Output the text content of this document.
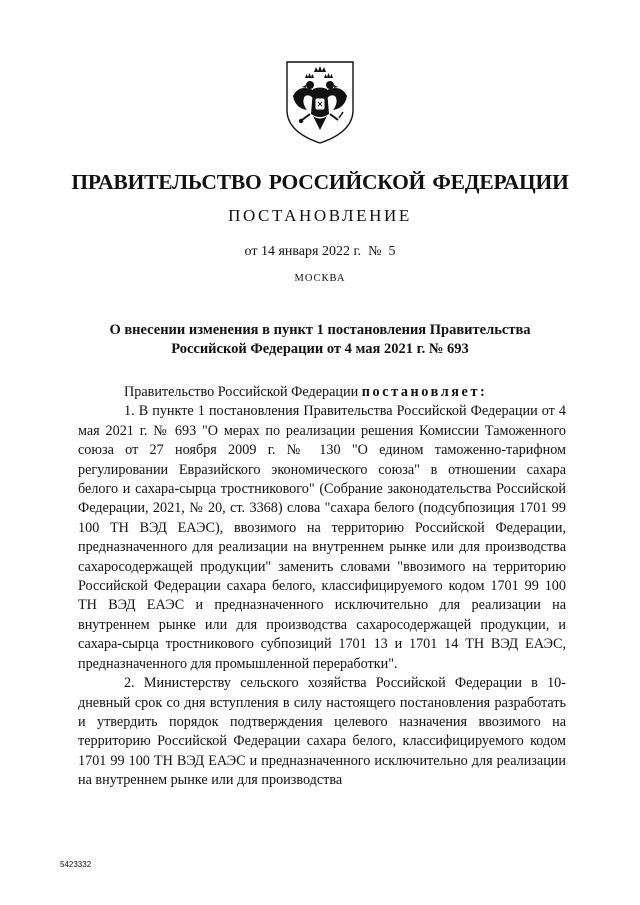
ПРАВИТЕЛЬСТВО РОССИЙСКОЙ ФЕДЕРАЦИИ
ПОСТАНОВЛЕНИЕ
от 14 января 2022 г.  №  5
МОСКВА
О внесении изменения в пункт 1 постановления Правительства
Российской Федерации от 4 мая 2021 г. № 693

Правительство Российской Федерации постановляет:

1. В пункте 1 постановления Правительства Российской Федерации от 4 мая 2021 г. № 693 "О мерах по реализации решения Комиссии Таможенного союза от 27 ноября 2009 г. № 130 "О едином таможенно-тарифном регулировании Евразийского экономического союза" в отношении сахара белого и сахара-сырца тростникового" (Собрание законодательства Российской Федерации, 2021, № 20, ст. 3368) слова "сахара белого (подсубпозиция 1701 99 100 ТН ВЭД ЕАЭС), ввозимого на территорию Российской Федерации, предназначенного для реализации на внутреннем рынке или для производства сахаросодержащей продукции" заменить словами "ввозимого на территорию Российской Федерации сахара белого, классифицируемого кодом 1701 99 100 ТН ВЭД ЕАЭС и предназначенного исключительно для реализации на внутреннем рынке или для производства сахаросодержащей продукции, и сахара-сырца тростникового субпозиций 1701 13 и 1701 14 ТН ВЭД ЕАЭС, предназначенного для промышленной переработки".

2. Министерству сельского хозяйства Российской Федерации в 10-дневный срок со дня вступления в силу настоящего постановления разработать и утвердить порядок подтверждения целевого назначения ввозимого на территорию Российской Федерации сахара белого, классифицируемого кодом 1701 99 100 ТН ВЭД ЕАЭС и предназначенного исключительно для реализации на внутреннем рынке или для производства

5423332
